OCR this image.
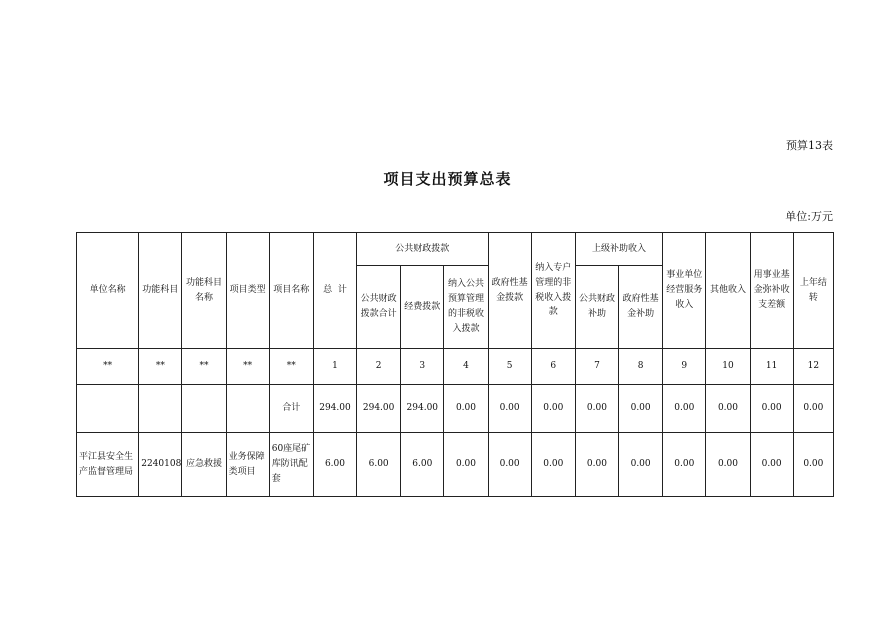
预算13表
项目支出预算总表
单位:万元
单位名称	功能科目	功能科目名称	项目类型	项目名称	总  计	公共财政拨款			政府性基金拨款	纳入专户管理的非税收入拨款	上级补助收入		事业单位经营服务收入	其他收入	用事业基金弥补收支差额	上年结转
						公共财政拨款合计	经费拨款	纳入公共预算管理的非税收入拨款			公共财政补助	政府性基金补助				
**	**	**	**	**	1	2	3	4	5	6	7	8	9	10	11	12
				合计	294.00	294.00	294.00	0.00	0.00	0.00	0.00	0.00	0.00	0.00	0.00	0.00
平江县安全生产监督管理局	2240108	应急救援	业务保障类项目	60座尾矿库防讯配套	6.00	6.00	6.00	0.00	0.00	0.00	0.00	0.00	0.00	0.00	0.00	0.00
